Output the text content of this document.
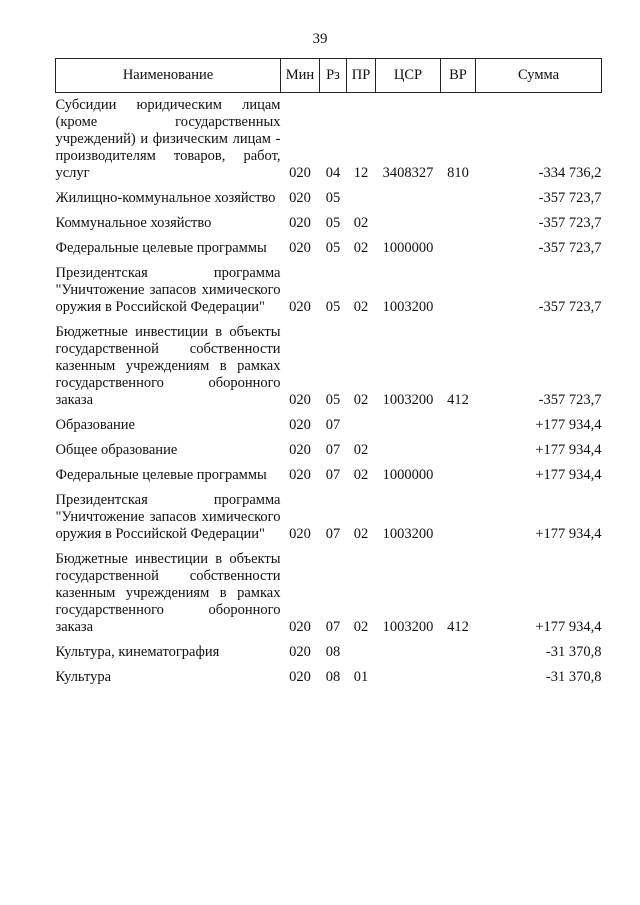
39
Наименование	Мин	Рз	ПР	ЦСР	ВР	Сумма
Субсидии юридическим лицам (кроме государственных учреждений) и физическим лицам - производителям товаров, работ, услуг	020	04	12	3408327	810	-334 736,2
Жилищно-коммунальное хозяйство	020	05				-357 723,7
Коммунальное хозяйство	020	05	02			-357 723,7
Федеральные целевые программы	020	05	02	1000000		-357 723,7
Президентская программа "Уничтожение запасов химического оружия в Российской Федерации"	020	05	02	1003200		-357 723,7
Бюджетные инвестиции в объекты государственной собственности казенным учреждениям в рамках государственного оборонного заказа	020	05	02	1003200	412	-357 723,7
Образование	020	07				+177 934,4
Общее образование	020	07	02			+177 934,4
Федеральные целевые программы	020	07	02	1000000		+177 934,4
Президентская программа "Уничтожение запасов химического оружия в Российской Федерации"	020	07	02	1003200		+177 934,4
Бюджетные инвестиции в объекты государственной собственности казенным учреждениям в рамках государственного оборонного заказа	020	07	02	1003200	412	+177 934,4
Культура, кинематография	020	08				-31 370,8
Культура	020	08	01			-31 370,8
